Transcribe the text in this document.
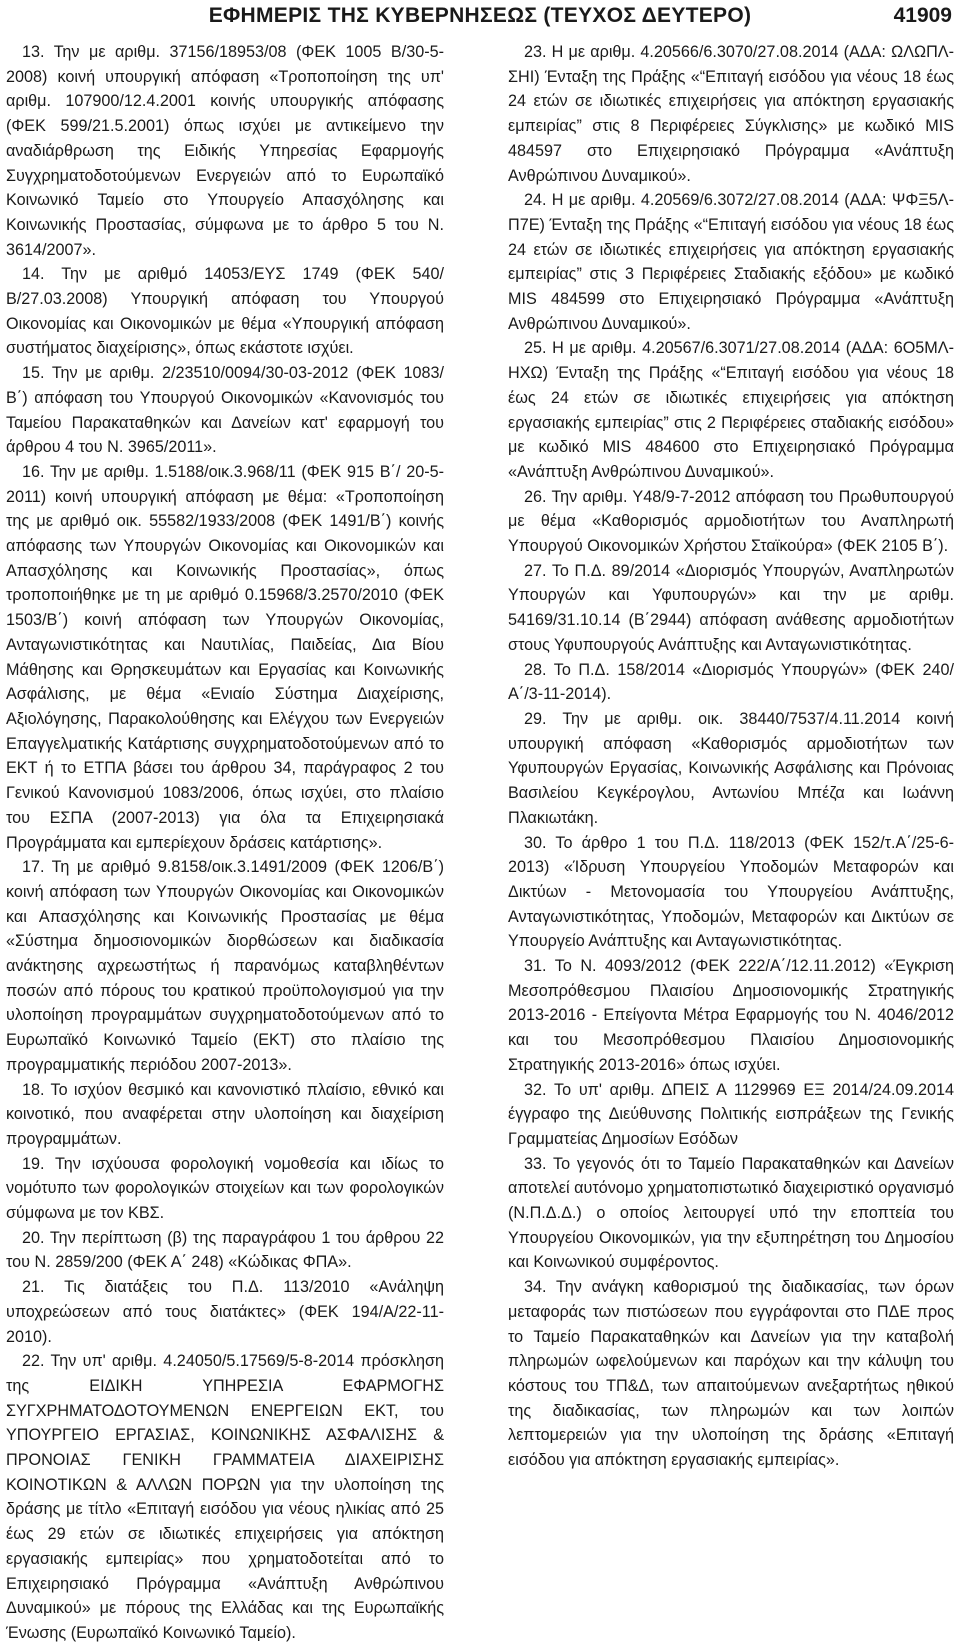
ΕΦΗΜΕΡΙΣ ΤΗΣ ΚΥΒΕΡΝΗΣΕΩΣ (ΤΕΥΧΟΣ ΔΕΥΤΕΡΟ)	41909

13. Την με αριθμ. 37156/18953/08 (ΦΕΚ 1005 Β/30-5-2008) κοινή υπουργική απόφαση «Τροποποίηση της υπ' αριθμ. 107900/12.4.2001 κοινής υπουργικής απόφασης (ΦΕΚ 599/21.5.2001) όπως ισχύει με αντικείμενο την αναδιάρθρωση της Ειδικής Υπηρεσίας Εφαρμογής Συγχρηματοδοτούμενων Ενεργειών από το Ευρωπαϊκό Κοινωνικό Ταμείο στο Υπουργείο Απασχόλησης και Κοινωνικής Προστασίας, σύμφωνα με το άρθρο 5 του Ν. 3614/2007».

14. Την με αριθμό 14053/ΕΥΣ 1749 (ΦΕΚ 540/Β/27.03.2008) Υπουργική απόφαση του Υπουργού Οικονομίας και Οικονομικών με θέμα «Υπουργική απόφαση συστήματος διαχείρισης», όπως εκάστοτε ισχύει.

15. Την με αριθμ. 2/23510/0094/30-03-2012 (ΦΕΚ 1083/Β΄) απόφαση του Υπουργού Οικονομικών «Κανονισμός του Ταμείου Παρακαταθηκών και Δανείων κατ' εφαρμογή του άρθρου 4 του Ν. 3965/2011».

16. Την με αριθμ. 1.5188/οικ.3.968/11 (ΦΕΚ 915 Β΄/ 20-5-2011) κοινή υπουργική απόφαση με θέμα: «Τροποποίηση της με αριθμό οικ. 55582/1933/2008 (ΦΕΚ 1491/Β΄) κοινής απόφασης των Υπουργών Οικονομίας και Οικονομικών και Απασχόλησης και Κοινωνικής Προστασίας», όπως τροποποιήθηκε με τη με αριθμό 0.15968/3.2570/2010 (ΦΕΚ 1503/Β΄) κοινή απόφαση των Υπουργών Οικονομίας, Ανταγωνιστικότητας και Ναυτιλίας, Παιδείας, Δια Βίου Μάθησης και Θρησκευμάτων και Εργασίας και Κοινωνικής Ασφάλισης, με θέμα «Ενιαίο Σύστημα Διαχείρισης, Αξιολόγησης, Παρακολούθησης και Ελέγχου των Ενεργειών Επαγγελματικής Κατάρτισης συγχρηματοδοτούμενων από το ΕΚΤ ή το ΕΤΠΑ βάσει του άρθρου 34, παράγραφος 2 του Γενικού Κανονισμού 1083/2006, όπως ισχύει, στο πλαίσιο του ΕΣΠΑ (2007-2013) για όλα τα Επιχειρησιακά Προγράμματα και εμπερίεχουν δράσεις κατάρτισης».

17. Τη με αριθμό 9.8158/οικ.3.1491/2009 (ΦΕΚ 1206/Β΄) κοινή απόφαση των Υπουργών Οικονομίας και Οικονομικών και Απασχόλησης και Κοινωνικής Προστασίας με θέμα «Σύστημα δημοσιονομικών διορθώσεων και διαδικασία ανάκτησης αχρεωστήτως ή παρανόμως καταβληθέντων ποσών από πόρους του κρατικού προϋπολογισμού για την υλοποίηση προγραμμάτων συγχρηματοδοτούμενων από το Ευρωπαϊκό Κοινωνικό Ταμείο (ΕΚΤ) στο πλαίσιο της προγραμματικής περιόδου 2007-2013».

18. Το ισχύον θεσμικό και κανονιστικό πλαίσιο, εθνικό και κοινοτικό, που αναφέρεται στην υλοποίηση και διαχείριση προγραμμάτων.

19. Την ισχύουσα φορολογική νομοθεσία και ιδίως το νομότυπο των φορολογικών στοιχείων και των φορολογικών σύμφωνα με τον ΚΒΣ.

20. Την περίπτωση (β) της παραγράφου 1 του άρθρου 22 του Ν. 2859/200 (ΦΕΚ Α΄ 248) «Κώδικας ΦΠΑ».

21. Τις διατάξεις του Π.Δ. 113/2010 «Ανάληψη υποχρεώσεων από τους διατάκτες» (ΦΕΚ 194/Α/22-11-2010).

22. Την υπ' αριθμ. 4.24050/5.17569/5-8-2014 πρόσκληση της ΕΙΔΙΚΗ ΥΠΗΡΕΣΙΑ ΕΦΑΡΜΟΓΗΣ ΣΥΓΧΡΗΜΑΤΟΔΟΤΟΥΜΕΝΩΝ ΕΝΕΡΓΕΙΩΝ ΕΚΤ, του ΥΠΟΥΡΓΕΙΟ ΕΡΓΑΣΙΑΣ, ΚΟΙΝΩΝΙΚΗΣ ΑΣΦΑΛΙΣΗΣ & ΠΡΟΝΟΙΑΣ ΓΕΝΙΚΗ ΓΡΑΜΜΑΤΕΙΑ ΔΙΑΧΕΙΡΙΣΗΣ ΚΟΙΝΟΤΙΚΩΝ & ΑΛΛΩΝ ΠΟΡΩΝ για την υλοποίηση της δράσης με τίτλο «Επιταγή εισόδου για νέους ηλικίας από 25 έως 29 ετών σε ιδιωτικές επιχειρήσεις για απόκτηση εργασιακής εμπειρίας» που χρηματοδοτείται από το Επιχειρησιακό Πρόγραμμα «Ανάπτυξη Ανθρώπινου Δυναμικού» με πόρους της Ελλάδας και της Ευρωπαϊκής Ένωσης (Ευρωπαϊκό Κοινωνικό Ταμείο).

23. Η με αριθμ. 4.20566/6.3070/27.08.2014 (ΑΔΑ: ΩΛΩΠΛ-ΣΗΙ) Ένταξη της Πράξης «“Επιταγή εισόδου για νέους 18 έως 24 ετών σε ιδιωτικές επιχειρήσεις για απόκτηση εργασιακής εμπειρίας” στις 8 Περιφέρειες Σύγκλισης» με κωδικό MIS 484597 στο Επιχειρησιακό Πρόγραμμα «Ανάπτυξη Ανθρώπινου Δυναμικού».

24. Η με αριθμ. 4.20569/6.3072/27.08.2014 (ΑΔΑ: ΨΦΞ5Λ-Π7Ε) Ένταξη της Πράξης «“Επιταγή εισόδου για νέους 18 έως 24 ετών σε ιδιωτικές επιχειρήσεις για απόκτηση εργασιακής εμπειρίας” στις 3 Περιφέρειες Σταδιακής εξόδου» με κωδικό MIS 484599 στο Επιχειρησιακό Πρόγραμμα «Ανάπτυξη Ανθρώπινου Δυναμικού».

25. Η με αριθμ. 4.20567/6.3071/27.08.2014 (ΑΔΑ: 6Ο5ΜΛ-ΗΧΩ) Ένταξη της Πράξης «“Επιταγή εισόδου για νέους 18 έως 24 ετών σε ιδιωτικές επιχειρήσεις για απόκτηση εργασιακής εμπειρίας” στις 2 Περιφέρειες σταδιακής εισόδου» με κωδικό MIS 484600 στο Επιχειρησιακό Πρόγραμμα «Ανάπτυξη Ανθρώπινου Δυναμικού».

26. Την αριθμ. Υ48/9-7-2012 απόφαση του Πρωθυπουργού με θέμα «Καθορισμός αρμοδιοτήτων του Αναπληρωτή Υπουργού Οικονομικών Χρήστου Σταϊκούρα» (ΦΕΚ 2105 Β΄).

27. Το Π.Δ. 89/2014 «Διορισμός Υπουργών, Αναπληρωτών Υπουργών και Υφυπουργών» και την με αριθμ. 54169/31.10.14 (Β΄2944) απόφαση ανάθεσης αρμοδιοτήτων στους Υφυπουργούς Ανάπτυξης και Ανταγωνιστικότητας.

28. Το Π.Δ. 158/2014 «Διορισμός Υπουργών» (ΦΕΚ 240/ Α΄/3-11-2014).

29. Την με αριθμ. οικ. 38440/7537/4.11.2014 κοινή υπουργική απόφαση «Καθορισμός αρμοδιοτήτων των Υφυπουργών Εργασίας, Κοινωνικής Ασφάλισης και Πρόνοιας Βασιλείου Κεγκέρογλου, Αντωνίου Μπέζα και Ιωάννη Πλακιωτάκη.

30. Το άρθρο 1 του Π.Δ. 118/2013 (ΦΕΚ 152/τ.Α΄/25-6-2013) «Ίδρυση Υπουργείου Υποδομών Μεταφορών και Δικτύων - Μετονομασία του Υπουργείου Ανάπτυξης, Ανταγωνιστικότητας, Υποδομών, Μεταφορών και Δικτύων σε Υπουργείο Ανάπτυξης και Ανταγωνιστικότητας.

31. Το Ν. 4093/2012 (ΦΕΚ 222/Α΄/12.11.2012) «Έγκριση Μεσοπρόθεσμου Πλαισίου Δημοσιονομικής Στρατηγικής 2013-2016 - Επείγοντα Μέτρα Εφαρμογής του Ν. 4046/2012 και του Μεσοπρόθεσμου Πλαισίου Δημοσιονομικής Στρατηγικής 2013-2016» όπως ισχύει.

32. Το υπ' αριθμ. ΔΠΕΙΣ Α 1129969 ΕΞ 2014/24.09.2014 έγγραφο της Διεύθυνσης Πολιτικής εισπράξεων της Γενικής Γραμματείας Δημοσίων Εσόδων

33. Το γεγονός ότι το Ταμείο Παρακαταθηκών και Δανείων αποτελεί αυτόνομο χρηματοπιστωτικό διαχειριστικό οργανισμό (Ν.Π.Δ.Δ.) ο οποίος λειτουργεί υπό την εποπτεία του Υπουργείου Οικονομικών, για την εξυπηρέτηση του Δημοσίου και Κοινωνικού συμφέροντος.

34. Την ανάγκη καθορισμού της διαδικασίας, των όρων μεταφοράς των πιστώσεων που εγγράφονται στο ΠΔΕ προς το Ταμείο Παρακαταθηκών και Δανείων για την καταβολή πληρωμών ωφελούμενων και παρόχων και την κάλυψη του κόστους του ΤΠ&Δ, των απαιτούμενων ανεξαρτήτως ηθικού της διαδικασίας, των πληρωμών και των λοιπών λεπτομερειών για την υλοποίηση της δράσης «Επιταγή εισόδου για απόκτηση εργασιακής εμπειρίας».
